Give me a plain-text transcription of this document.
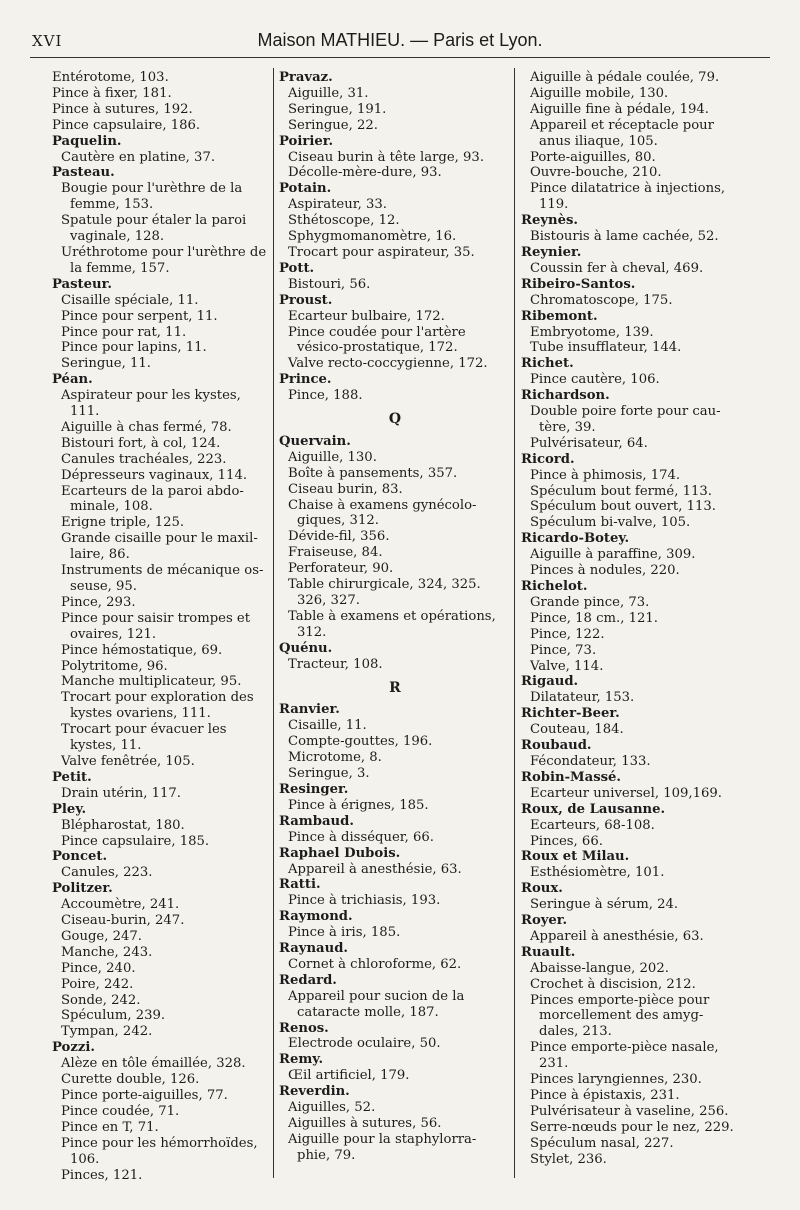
XVI	Maison MATHIEU. — Paris et Lyon.
Entérotome, 103.
Pince à fixer, 181.
Pince à sutures, 192.
Pince capsulaire, 186.
Paquelin.
Cautère en platine, 37.
Pasteau.
Bougie pour l'urèthre de la
femme, 153.
Spatule pour étaler la paroi
vaginale, 128.
Uréthrotome pour l'urèthre de
la femme, 157.
Pasteur.
Cisaille spéciale, 11.
Pince pour serpent, 11.
Pince pour rat, 11.
Pince pour lapins, 11.
Seringue, 11.
Péan.
Aspirateur pour les kystes,
111.
Aiguille à chas fermé, 78.
Bistouri fort, à col, 124.
Canules trachéales, 223.
Dépresseurs vaginaux, 114.
Ecarteurs de la paroi abdo-
minale, 108.
Erigne triple, 125.
Grande cisaille pour le maxil-
laire, 86.
Instruments de mécanique os-
seuse, 95.
Pince, 293.
Pince pour saisir trompes et
ovaires, 121.
Pince hémostatique, 69.
Polytritome, 96.
Manche multiplicateur, 95.
Trocart pour exploration des
kystes ovariens, 111.
Trocart pour évacuer les
kystes, 11.
Valve fenêtrée, 105.
Petit.
Drain utérin, 117.
Pley.
Blépharostat, 180.
Pince capsulaire, 185.
Poncet.
Canules, 223.
Politzer.
Accoumètre, 241.
Ciseau-burin, 247.
Gouge, 247.
Manche, 243.
Pince, 240.
Poire, 242.
Sonde, 242.
Spéculum, 239.
Tympan, 242.
Pozzi.
Alèze en tôle émaillée, 328.
Curette double, 126.
Pince porte-aiguilles, 77.
Pince coudée, 71.
Pince en T, 71.
Pince pour les hémorrhoïdes,
106.
Pinces, 121.
Pravaz.
Aiguille, 31.
Seringue, 191.
Seringue, 22.
Poirier.
Ciseau burin à tête large, 93.
Décolle-mère-dure, 93.
Potain.
Aspirateur, 33.
Sthétoscope, 12.
Sphygmomanomètre, 16.
Trocart pour aspirateur, 35.
Pott.
Bistouri, 56.
Proust.
Ecarteur bulbaire, 172.
Pince coudée pour l'artère
vésico-prostatique, 172.
Valve recto-coccygienne, 172.
Prince.
Pince, 188.
Q
Quervain.
Aiguille, 130.
Boîte à pansements, 357.
Ciseau burin, 83.
Chaise à examens gynécolo-
giques, 312.
Dévide-fil, 356.
Fraiseuse, 84.
Perforateur, 90.
Table chirurgicale, 324, 325.
326, 327.
Table à examens et opérations,
312.
Quénu.
Tracteur, 108.
R
Ranvier.
Cisaille, 11.
Compte-gouttes, 196.
Microtome, 8.
Seringue, 3.
Resinger.
Pince à érignes, 185.
Rambaud.
Pince à disséquer, 66.
Raphael Dubois.
Appareil à anesthésie, 63.
Ratti.
Pince à trichiasis, 193.
Raymond.
Pince à iris, 185.
Raynaud.
Cornet à chloroforme, 62.
Redard.
Appareil pour sucion de la
cataracte molle, 187.
Renos.
Electrode oculaire, 50.
Remy.
Œil artificiel, 179.
Reverdin.
Aiguilles, 52.
Aiguilles à sutures, 56.
Aiguille pour la staphylorra-
phie, 79.
Aiguille à pédale coulée, 79.
Aiguille mobile, 130.
Aiguille fine à pédale, 194.
Appareil et réceptacle pour
anus iliaque, 105.
Porte-aiguilles, 80.
Ouvre-bouche, 210.
Pince dilatatrice à injections,
119.
Reynès.
Bistouris à lame cachée, 52.
Reynier.
Coussin fer à cheval, 469.
Ribeiro-Santos.
Chromatoscope, 175.
Ribemont.
Embryotome, 139.
Tube insufflateur, 144.
Richet.
Pince cautère, 106.
Richardson.
Double poire forte pour cau-
tère, 39.
Pulvérisateur, 64.
Ricord.
Pince à phimosis, 174.
Spéculum bout fermé, 113.
Spéculum bout ouvert, 113.
Spéculum bi-valve, 105.
Ricardo-Botey.
Aiguille à paraffine, 309.
Pinces à nodules, 220.
Richelot.
Grande pince, 73.
Pince, 18 cm., 121.
Pince, 122.
Pince, 73.
Valve, 114.
Rigaud.
Dilatateur, 153.
Richter-Beer.
Couteau, 184.
Roubaud.
Fécondateur, 133.
Robin-Massé.
Ecarteur universel, 109,169.
Roux, de Lausanne.
Ecarteurs, 68-108.
Pinces, 66.
Roux et Milau.
Esthésiomètre, 101.
Roux.
Seringue à sérum, 24.
Royer.
Appareil à anesthésie, 63.
Ruault.
Abaisse-langue, 202.
Crochet à discision, 212.
Pinces emporte-pièce pour
morcellement des amyg-
dales, 213.
Pince emporte-pièce nasale,
231.
Pinces laryngiennes, 230.
Pince à épistaxis, 231.
Pulvérisateur à vaseline, 256.
Serre-nœuds pour le nez, 229.
Spéculum nasal, 227.
Stylet, 236.
